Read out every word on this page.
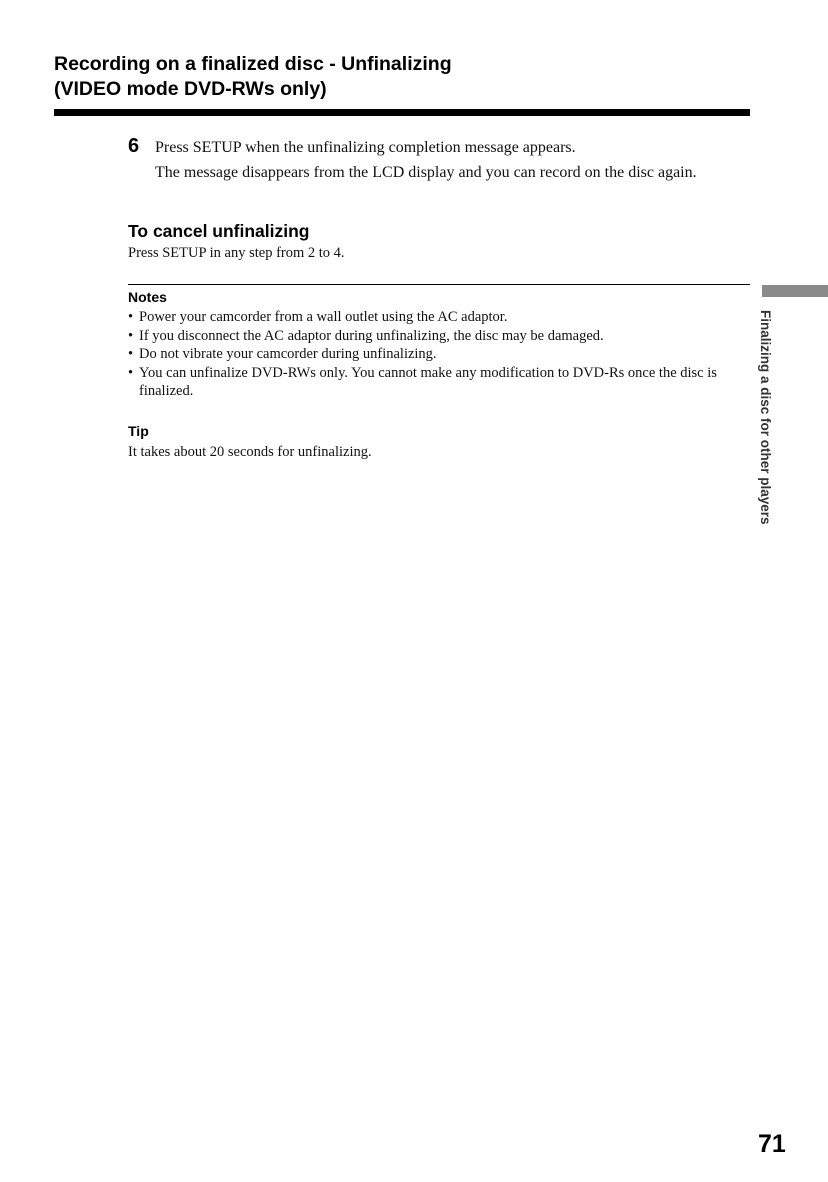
Recording on a finalized disc - Unfinalizing
(VIDEO mode DVD-RWs only)
6 Press SETUP when the unfinalizing completion message appears.

The message disappears from the LCD display and you can record on the disc again.

To cancel unfinalizing

Press SETUP in any step from 2 to 4.

Notes
• Power your camcorder from a wall outlet using the AC adaptor.
• If you disconnect the AC adaptor during unfinalizing, the disc may be damaged.
• Do not vibrate your camcorder during unfinalizing.
• You can unfinalize DVD-RWs only. You cannot make any modification to DVD-Rs once the disc is finalized.
Tip

It takes about 20 seconds for unfinalizing.	Finalizing a disc for other players

71
